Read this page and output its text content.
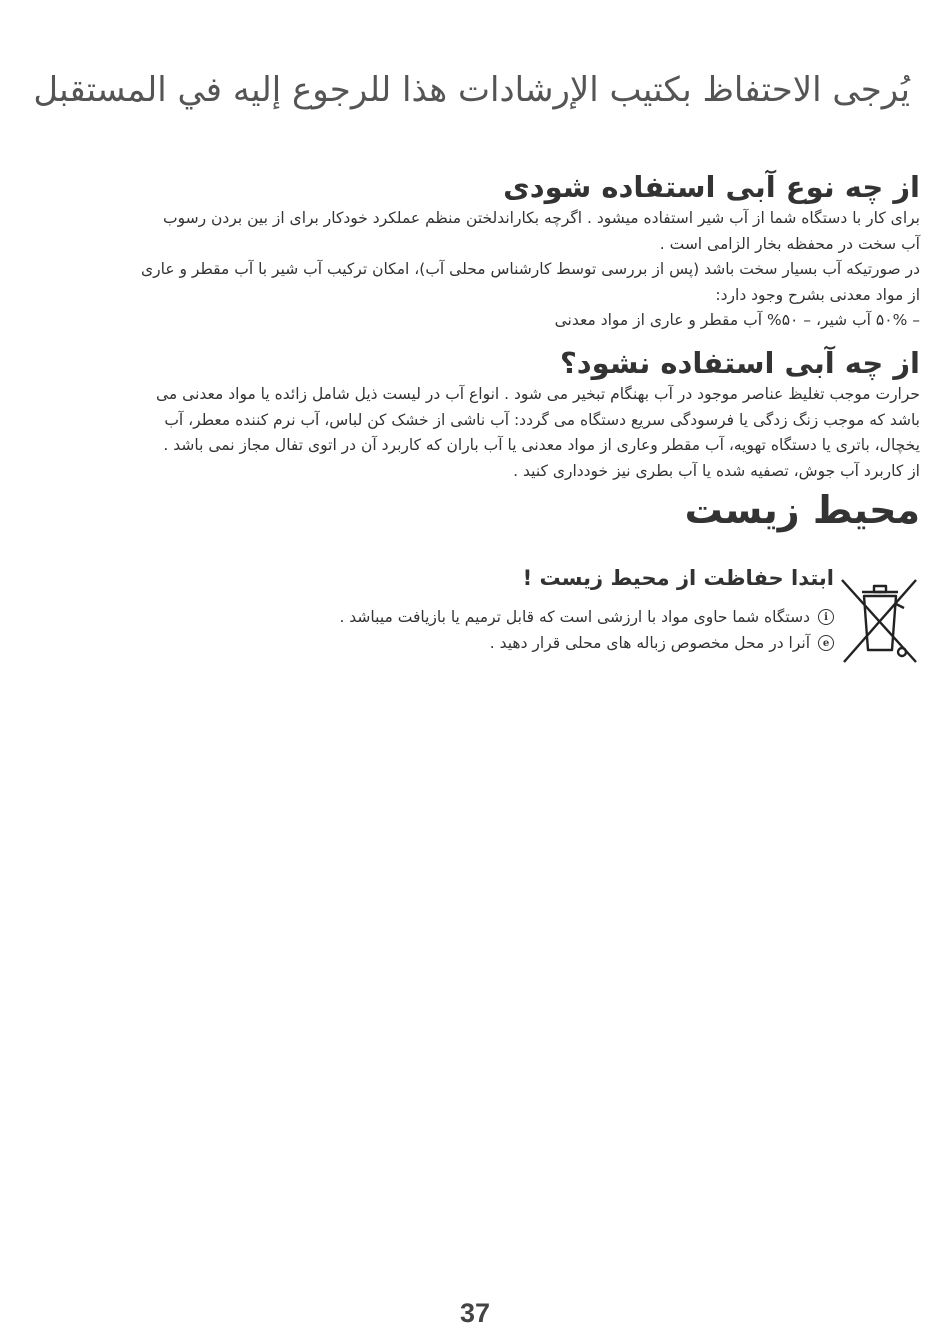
يُرجى الاحتفاظ بكتيب الإرشادات هذا للرجوع إليه في المستقبل
از چه نوع آبی استفاده شودی

برای کار با دستگاه شما از آب شیر استفاده میشود . اگرچه بکاراندلختن منظم عملکرد خودکار برای از بین بردن رسوب

آب سخت در محفظه بخار الزامی است .

در صورتیکه آب بسیار سخت باشد (پس از بررسی توسط کارشناس محلی آب)، امکان ترکیب آب شیر با آب مقطر و عاری

از مواد معدنی بشرح وجود دارد:

– ۵۰% آب شیر، – ۵۰% آب مقطر و عاری از مواد معدنی

از چه آبی استفاده نشود؟

حرارت موجب تغلیظ عناصر موجود در آب بهنگام تبخیر می شود . انواع آب در لیست ذیل شامل زائده یا مواد معدنی می

باشد که موجب زنگ زدگی یا فرسودگی سریع دستگاه می گردد: آب ناشی از خشک کن لباس، آب نرم کننده معطر، آب

یخچال، باتری یا دستگاه تهویه، آب مقطر وعاری از مواد معدنی یا آب باران که کاربرد آن در اتوی تفال مجاز نمی باشد .

از کاربرد آب جوش، تصفیه شده یا آب بطری نیز خودداری کنید .

محیط زیست
ابتدا حفاظت از محیط زیست !
i
دستگاه شما حاوی مواد با ارزشی است که قابل ترمیم یا بازیافت میباشد .
e
آنرا در محل مخصوص زباله های محلی قرار دهید .
37
